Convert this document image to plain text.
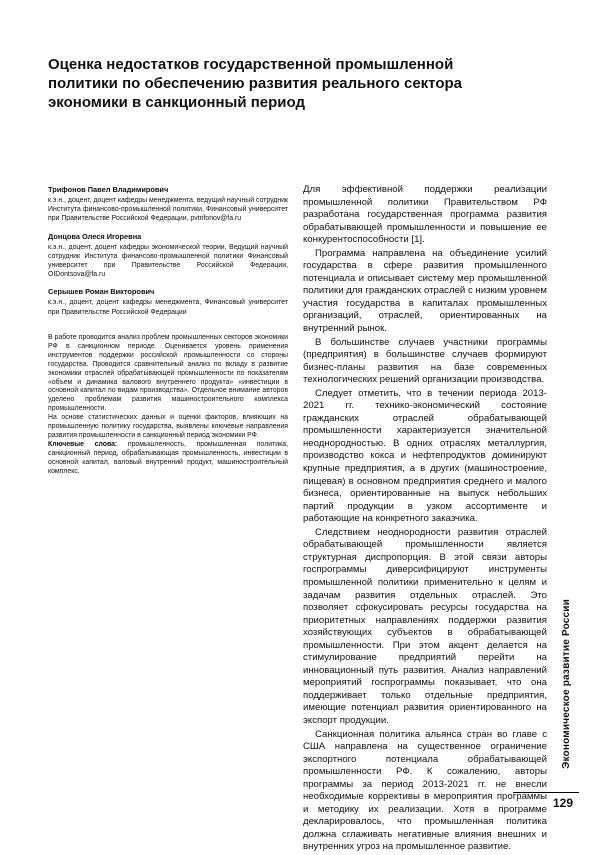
Оценка недостатков государственной промышленной политики по обеспечению развития реального сектора экономики в санкционный период

Трифонов Павел Владимирович

к.э.н., доцент, доцент кафедры менеджмента, ведущий научный сотрудник Института финансово-промышленной политики, Финансовый университет при Правительстве Российской Федерации, pvtrifonov@fa.ru

Донцова Олеся Игоревна

к.э.н., доцент, доцент кафедры экономической теории, Ведущий научный сотрудник Института финансово-промышленной политики Финансовый университет при Правительстве Российской Федерации, OIDontsova@fa.ru

Серышев Роман Викторович

к.э.н., доцент, доцент кафедры менеджмента, Финансовый университет при Правительстве Российской Федерации

В работе проводится анализ проблем промышленных секторов экономики РФ в санкционном периоде. Оценивается уровень применения инструментов поддержки российской промышленности со стороны государства. Проводится сравнительный анализ по вкладу в развитие экономики отраслей обрабатывающей промышленности по показателям «объем и динамика валового внутреннего продукта» «инвестиции в основной капитал по видам производства». Отдельное внимание авторов уделено проблемам развития машиностроительного комплекса промышленности.

На основе статистических данных и оценки факторов, влияющих на промышленную политику государства, выявлены ключевые направления развития промышленности в санкционный период экономики РФ.

Ключевые слова: промышленность, промышленная политика, санкционный период, обрабатывающая промышленность, инвестиции в основной капитал, валовый внутренний продукт, машиностроительный комплекс.

Для эффективной поддержки реализации промышленной политики Правительством РФ разработана государственная программа развития обрабатывающей промышленности и повышение ее конкурентоспособности [1].

Программа направлена на объединение усилий государства в сфере развития промышленного потенциала и описывает систему мер промышленной политики для гражданских отраслей с низким уровнем участия государства в капиталах промышленных организаций, отраслей, ориентированных на внутренний рынок.

В большинстве случаев участники программы (предприятия) в большинстве случаев формируют бизнес-планы развития на базе современных технологических решений организации производства.

Следует отметить, что в течении периода 2013-2021 гг. технико-экономический состояние гражданских отраслей обрабатывающей промышленности характеризуется значительной неоднородностью. В одних отраслях металлургия, производство кокса и нефтепродуктов доминируют крупные предприятия, а в других (машиностроение, пищевая) в основном предприятия среднего и малого бизнеса, ориентированные на выпуск небольших партий продукции в узком ассортименте и работающие на конкретного заказчика.

Следствием неоднородности развития отраслей обрабатывающей промышленности является структурная диспропорция. В этой связи авторы госпрограммы диверсифицируют инструменты промышленной политики применительно к целям и задачам развития отдельных отраслей. Это позволяет сфокусировать ресурсы государства на приоритетных направлениях поддержки развития хозяйствующих субъектов в обрабатывающей промышленности. При этом акцент делается на стимулирование предприятий перейти на инновационный путь развития. Анализ направлений мероприятий госпрограммы показывает, что она поддерживает только отдельные предприятия, имеющие потенциал развития ориентированного на экспорт продукции.

Санкционная политика альянса стран во главе с США направлена на существенное ограничение экспортного потенциала обрабатывающей промышленности РФ. К сожалению, авторы программы за период 2013-2021 гг. не внесли необходимые коррективы в мероприятия программы и методику их реализации. Хотя в программе декларировалось, что промышленная политика должна сглаживать негативные влияния внешних и внутренних угроз на промышленное развитие.

Экономическое развитие России
129
